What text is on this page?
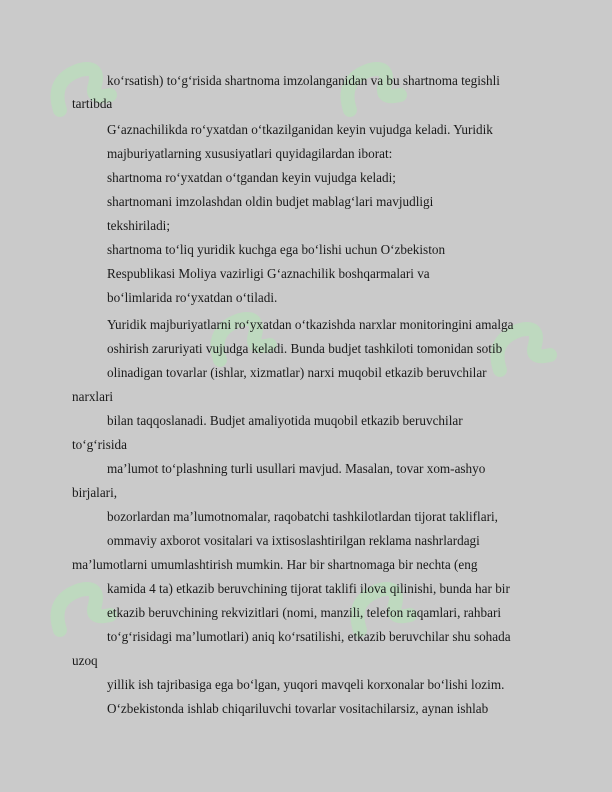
ko‘rsatish) to‘g‘risida shartnoma imzolanganidan va bu shartnoma tegishli
tartibda
G‘aznachilikda ro‘yxatdan o‘tkazilganidan keyin vujudga keladi. Yuridik
majburiyatlarning xususiyatlari quyidagilardan iborat:
shartnoma ro‘yxatdan o‘tgandan keyin vujudga keladi;
shartnomani imzolashdan oldin budjet mablag‘lari mavjudligi
tekshiriladi;
shartnoma to‘liq yuridik kuchga ega bo‘lishi uchun O‘zbekiston
Respublikasi Moliya vazirligi G‘aznachilik boshqarmalari va
bo‘limlarida ro‘yxatdan o‘tiladi.
Yuridik majburiyatlarni ro‘yxatdan o‘tkazishda narxlar monitoringini amalga
oshirish zaruriyati vujudga keladi. Bunda budjet tashkiloti tomonidan sotib
olinadigan tovarlar (ishlar, xizmatlar) narxi muqobil etkazib beruvchilar
narxlari
bilan taqqoslanadi. Budjet amaliyotida muqobil etkazib beruvchilar
to‘g‘risida
ma’lumot to‘plashning turli usullari mavjud. Masalan, tovar xom-ashyo
birjalari,
bozorlardan ma’lumotnomalar, raqobatchi tashkilotlardan tijorat takliflari,
ommaviy axborot vositalari va ixtisoslashtirilgan reklama nashrlardagi
ma’lumotlarni umumlashtirish mumkin. Har bir shartnomaga bir nechta (eng
kamida 4 ta) etkazib beruvchining tijorat taklifi ilova qilinishi, bunda har bir
etkazib beruvchining rekvizitlari (nomi, manzili, telefon raqamlari, rahbari
to‘g‘risidagi ma’lumotlari) aniq ko‘rsatilishi, etkazib beruvchilar shu sohada
uzoq
yillik ish tajribasiga ega bo‘lgan, yuqori mavqeli korxonalar bo‘lishi lozim.
O‘zbekistonda ishlab chiqariluvchi tovarlar vositachilarsiz, aynan ishlab
